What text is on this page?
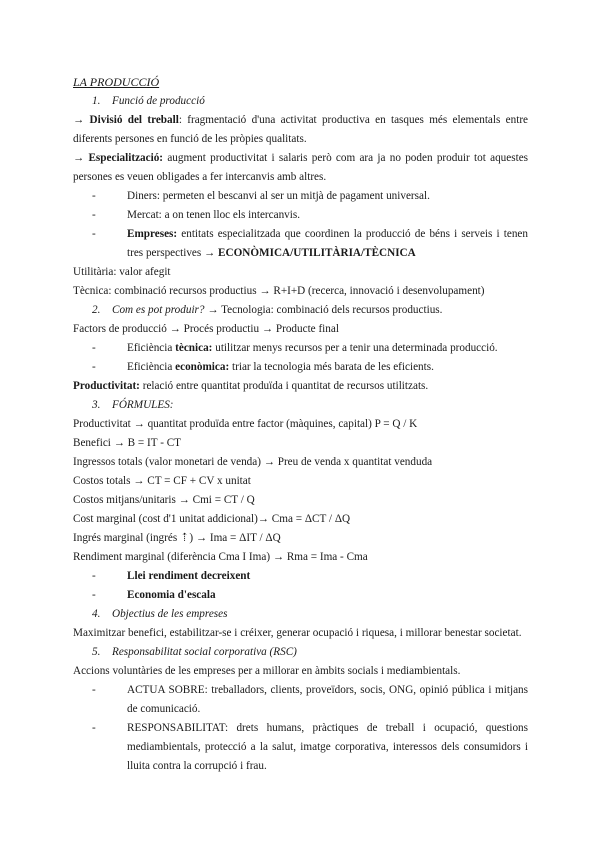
LA PRODUCCIÓ
1. Funció de producció
→ Divisió del treball: fragmentació d'una activitat productiva en tasques més elementals entre diferents persones en funció de les pròpies qualitats.
→ Especialització: augment productivitat i salaris però com ara ja no poden produir tot aquestes persones es veuen obligades a fer intercanvis amb altres.
-	Diners: permeten el bescanvi al ser un mitjà de pagament universal.
-	Mercat: a on tenen lloc els intercanvis.
-	Empreses: entitats especialitzada que coordinen la producció de béns i serveis i tenen tres perspectives → ECONÒMICA/UTILITÀRIA/TÈCNICA
Utilitària: valor afegit
Tècnica: combinació recursos productius → R+I+D (recerca, innovació i desenvolupament)
2. Com es pot produir? → Tecnologia: combinació dels recursos productius.
Factors de producció → Procés productiu → Producte final
-	Eficiència tècnica: utilitzar menys recursos per a tenir una determinada producció.
-	Eficiència econòmica: triar la tecnologia més barata de les eficients.
Productivitat: relació entre quantitat produïda i quantitat de recursos utilitzats.
3. FÓRMULES:
Productivitat → quantitat produïda entre factor (màquines, capital) P = Q / K
Benefici → B = IT - CT
Ingressos totals (valor monetari de venda) → Preu de venda x quantitat venduda
Costos totals → CT = CF + CV x unitat
Costos mitjans/unitaris → Cmi = CT / Q
Cost marginal (cost d'1 unitat addicional)→ Cma = ΔCT / ΔQ
Ingrés marginal (ingrés ⇡) → Ima = ΔIT / ΔQ
Rendiment marginal (diferència Cma I Ima) → Rma = Ima - Cma
-	Llei rendiment decreixent
-	Economia d'escala
4. Objectius de les empreses
Maximitzar benefici, estabilitzar-se i créixer, generar ocupació i riquesa, i millorar benestar societat.
5. Responsabilitat social corporativa (RSC)
Accions voluntàries de les empreses per a millorar en àmbits socials i mediambientals.
-	ACTUA SOBRE: treballadors, clients, proveïdors, socis, ONG, opinió pública i mitjans de comunicació.
-	RESPONSABILITAT: drets humans, pràctiques de treball i ocupació, questions mediambientals, protecció a la salut, imatge corporativa, interessos dels consumidors i lluita contra la corrupció i frau.
